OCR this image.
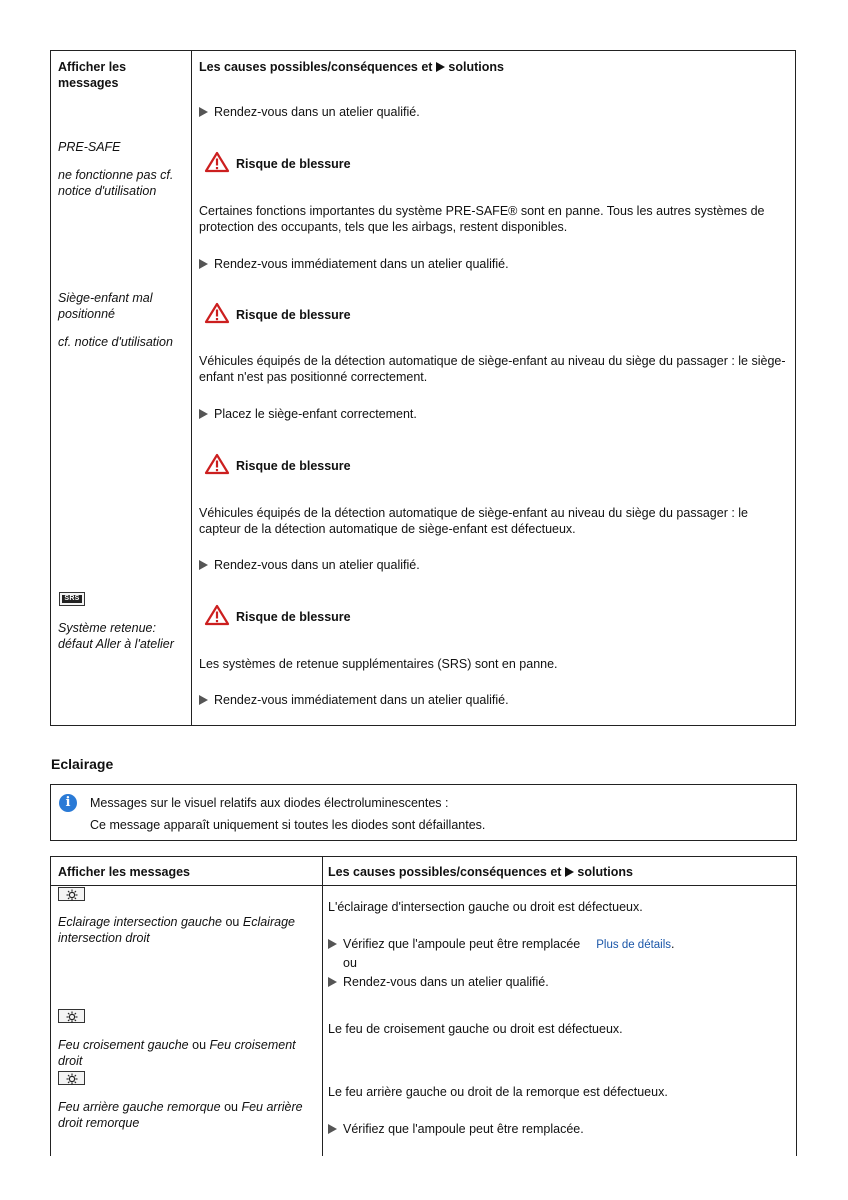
Afficher les messages
PRE-SAFE
ne fonctionne pas cf. notice d'utilisation
Siège-enfant mal positionné
cf. notice d'utilisation
SRS
Système retenue: défaut Aller à l'atelier
Les causes possibles/conséquences et  solutions
Rendez-vous dans un atelier qualifié.
Risque de blessure
Certaines fonctions importantes du système PRE-SAFE® sont en panne. Tous les autres systèmes de protection des occupants, tels que les airbags, restent disponibles.
Rendez-vous immédiatement dans un atelier qualifié.
Risque de blessure
Véhicules équipés de la détection automatique de siège-enfant au niveau du siège du passager : le siège-enfant n'est pas positionné correctement.
Placez le siège-enfant correctement.
Risque de blessure
Véhicules équipés de la détection automatique de siège-enfant au niveau du siège du passager : le capteur de la détection automatique de siège-enfant est défectueux.
Rendez-vous dans un atelier qualifié.
Risque de blessure
Les systèmes de retenue supplémentaires (SRS) sont en panne.
Rendez-vous immédiatement dans un atelier qualifié.
Eclairage
i	Messages sur le visuel relatifs aux diodes électroluminescentes :
Ce message apparaît uniquement si toutes les diodes sont défaillantes.
Afficher les messages	Les causes possibles/conséquences et  solutions
Eclairage intersection gauche ou Eclairage intersection droit
L'éclairage d'intersection gauche ou droit est défectueux.
Vérifiez que l'ampoule peut être remplacée Plus de détails.
ou
Rendez-vous dans un atelier qualifié.
Feu croisement gauche ou Feu croisement droit
Le feu de croisement gauche ou droit est défectueux.
Feu arrière gauche remorque ou Feu arrière droit remorque
Le feu arrière gauche ou droit de la remorque est défectueux.
Vérifiez que l'ampoule peut être remplacée.
